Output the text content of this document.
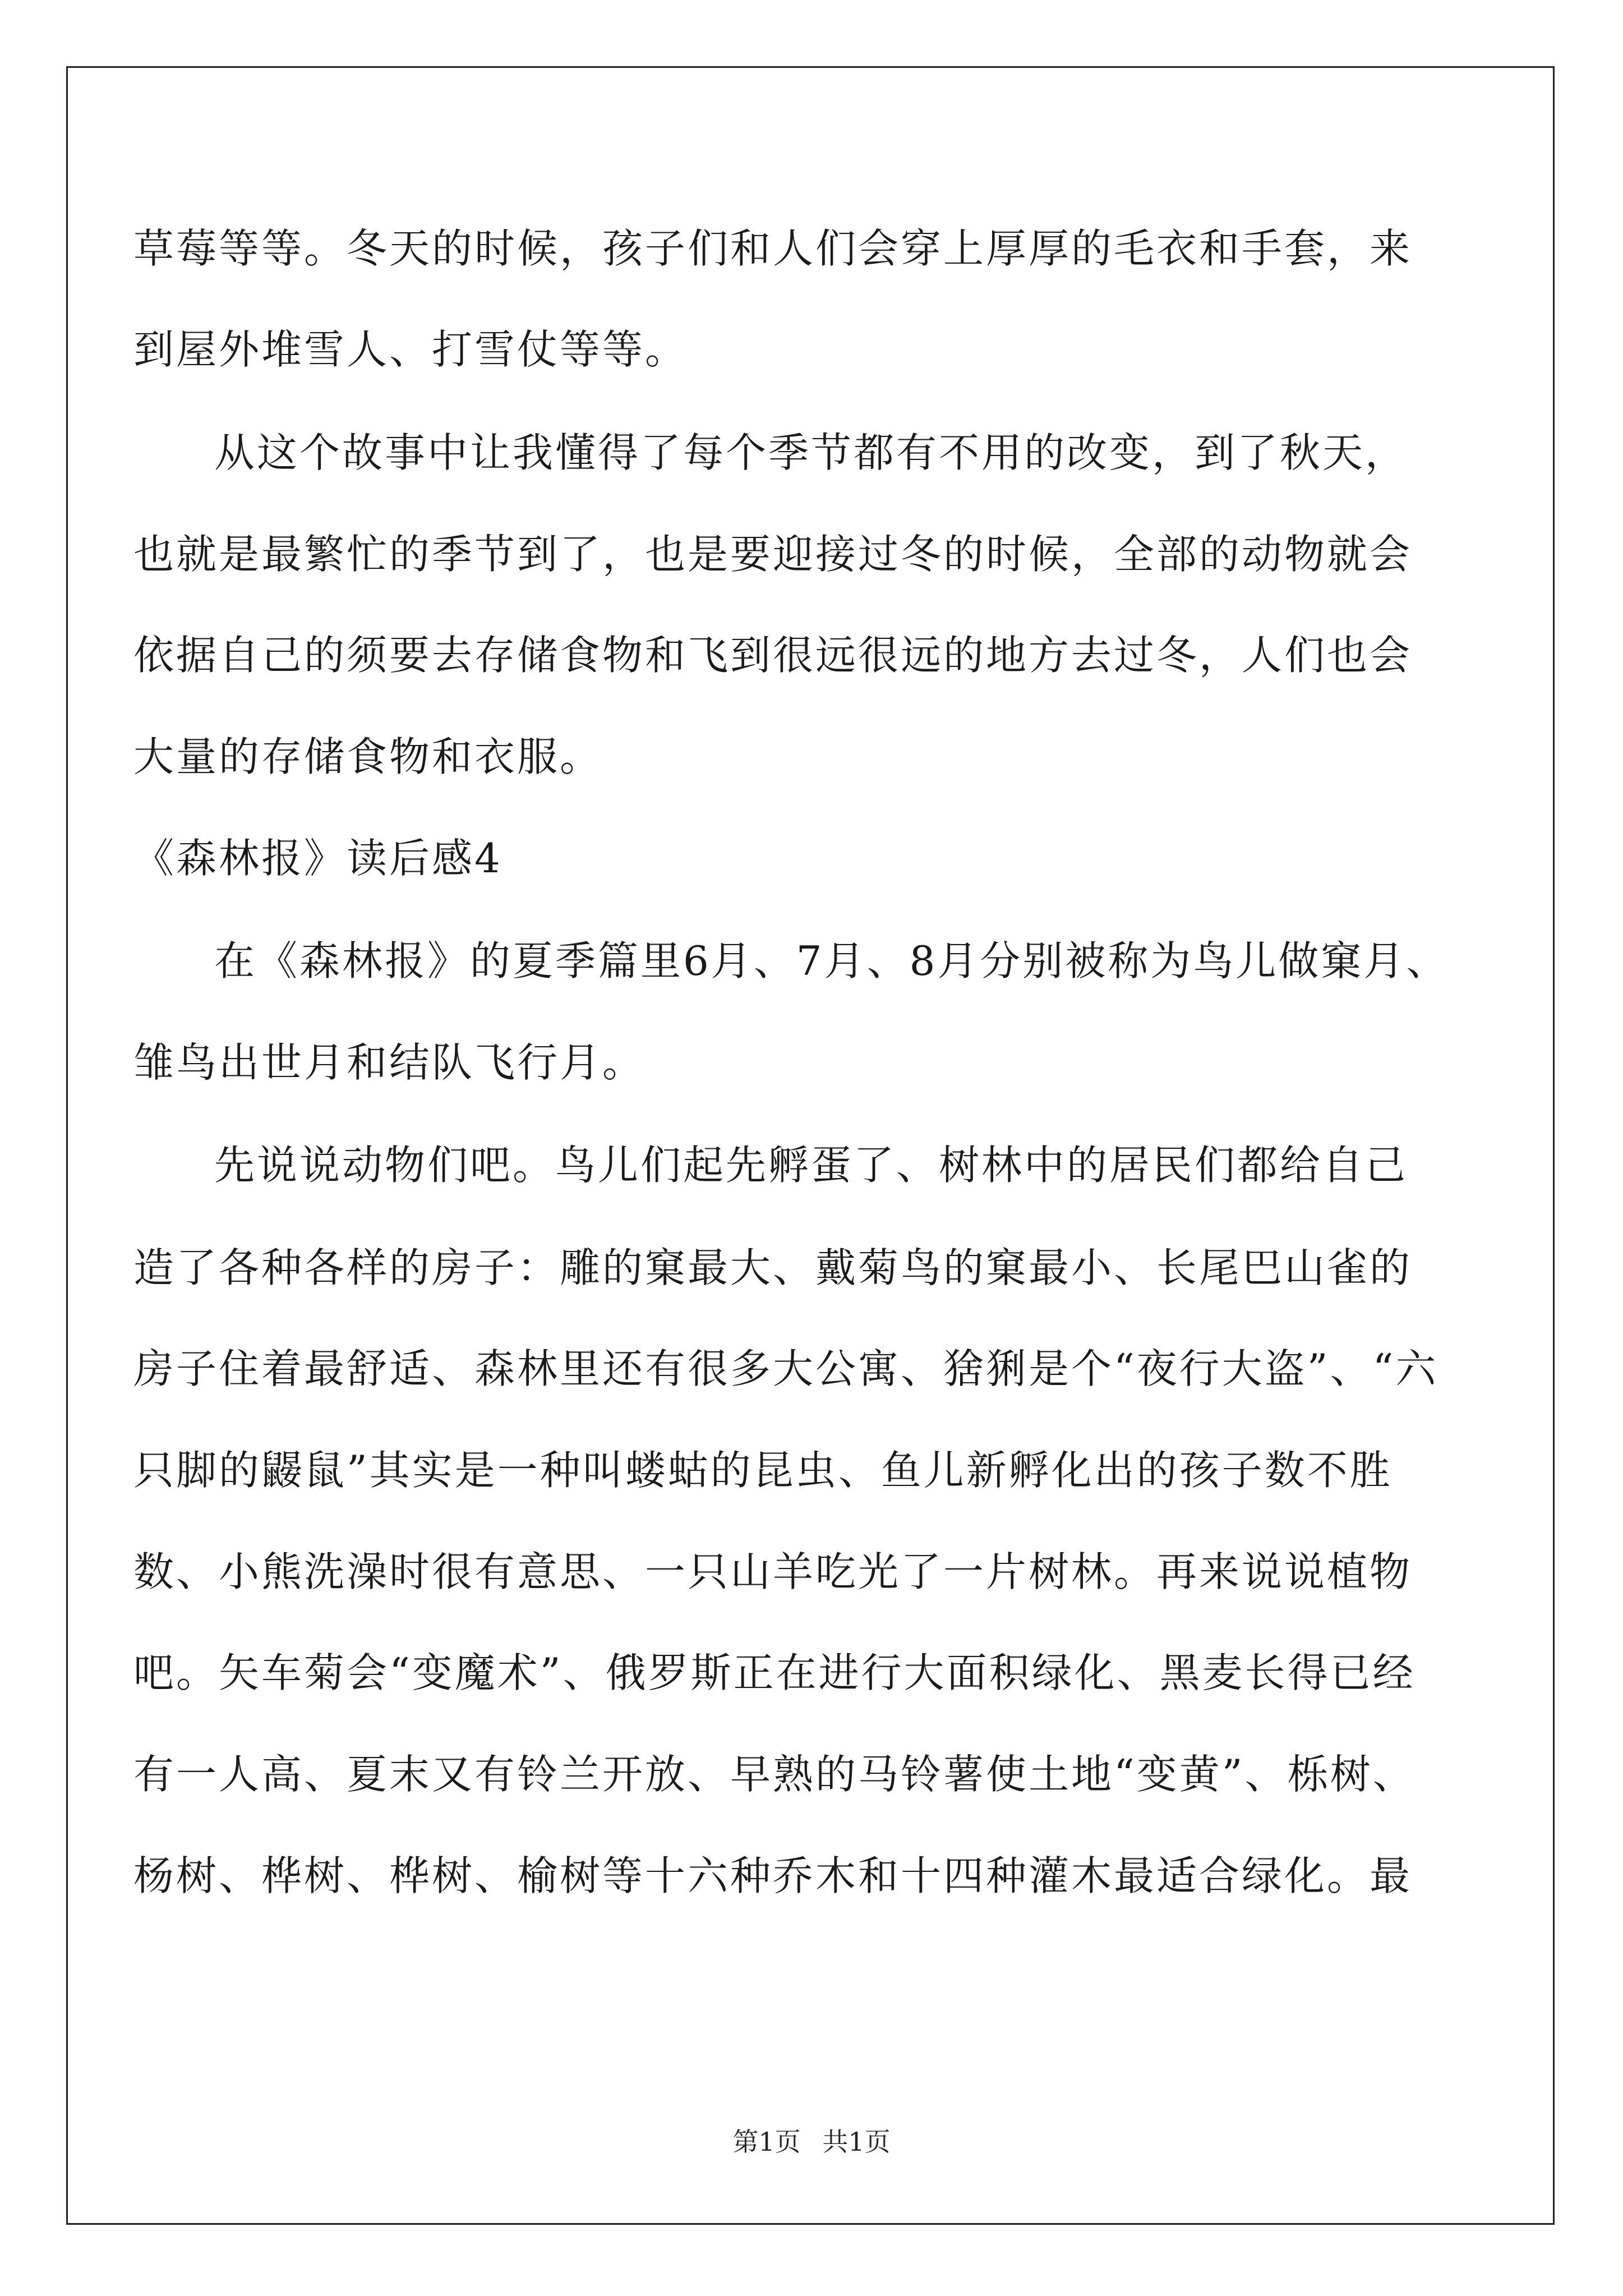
草莓等等。冬天的时候，孩子们和人们会穿上厚厚的毛衣和手套，来
到屋外堆雪人、打雪仗等等。
从这个故事中让我懂得了每个季节都有不用的改变，到了秋天，
也就是最繁忙的季节到了，也是要迎接过冬的时候，全部的动物就会
依据自己的须要去存储食物和飞到很远很远的地方去过冬，人们也会
大量的存储食物和衣服。
《森林报》读后感4
在《森林报》的夏季篇里6月、7月、8月分别被称为鸟儿做窠月、
雏鸟出世月和结队飞行月。
先说说动物们吧。鸟儿们起先孵蛋了、树林中的居民们都给自己
造了各种各样的房子：雕的窠最大、戴菊鸟的窠最小、长尾巴山雀的
房子住着最舒适、森林里还有很多大公寓、猞猁是个“夜行大盗”、“六
只脚的鼹鼠”其实是一种叫蝼蛄的昆虫、鱼儿新孵化出的孩子数不胜
数、小熊洗澡时很有意思、一只山羊吃光了一片树林。再来说说植物
吧。矢车菊会“变魔术”、俄罗斯正在进行大面积绿化、黑麦长得已经
有一人高、夏末又有铃兰开放、早熟的马铃薯使土地“变黄”、栎树、
杨树、桦树、桦树、榆树等十六种乔木和十四种灌木最适合绿化。最
第1页 共1页
